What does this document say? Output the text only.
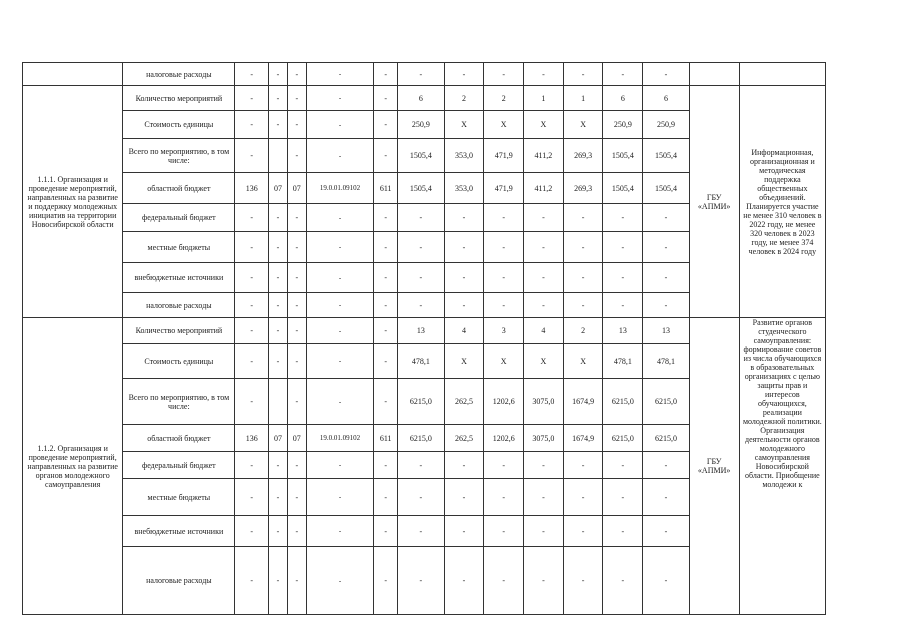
	налоговые расходы	-	-	-	-	-	-	-	-	-	-	-	-		
1.1.1. Организация и проведение мероприятий, направленных на развитие и поддержку молодежных инициатив на территории Новосибирской области	Количество мероприятий	-	-	-	-	-	6	2	2	1	1	6	6	ГБУ «АПМИ»	Информационная, организационная и методическая поддержка общественных объединений. Планируется участие не менее 310 человек в 2022 году, не менее 320 человек в 2023 году, не менее 374 человек в 2024 году
	Стоимость единицы	-	-	-	-	-	250,9	X	X	X	X	250,9	250,9		
	Всего по мероприятию, в том числе:	-		-	-	-	1505,4	353,0	471,9	411,2	269,3	1505,4	1505,4		
	областной бюджет	136	07	07	19.0.01.09102	611	1505,4	353,0	471,9	411,2	269,3	1505,4	1505,4		
	федеральный бюджет	-	-	-	-	-	-	-	-	-	-	-	-		
	местные бюджеты	-	-	-	-	-	-	-	-	-	-	-	-		
	внебюджетные источники	-	-	-	-	-	-	-	-	-	-	-	-		
	налоговые расходы	-	-	-	-	-	-	-	-	-	-	-	-		
1.1.2. Организация и проведение мероприятий, направленных на развитие органов молодежного самоуправления	Количество мероприятий	-	-	-	-	-	13	4	3	4	2	13	13	ГБУ «АПМИ»	Развитие органов студенческого самоуправления: формирование советов из числа обучающихся в образовательных организациях с целью защиты прав и интересов обучающихся, реализации молодежной политики. Организация деятельности органов молодежного самоуправления Новосибирской области. Приобщение молодежи к
	Стоимость единицы	-	-	-	-	-	478,1	X	X	X	X	478,1	478,1		
	Всего по мероприятию, в том числе:	-		-	-	-	6215,0	262,5	1202,6	3075,0	1674,9	6215,0	6215,0		
	областной бюджет	136	07	07	19.0.01.09102	611	6215,0	262,5	1202,6	3075,0	1674,9	6215,0	6215,0		
	федеральный бюджет	-	-	-	-	-	-	-	-	-	-	-	-		
	местные бюджеты	-	-	-	-	-	-	-	-	-	-	-	-		
	внебюджетные источники	-	-	-	-	-	-	-	-	-	-	-	-		
	налоговые расходы	-	-	-	-	-	-	-	-	-	-	-	-		
